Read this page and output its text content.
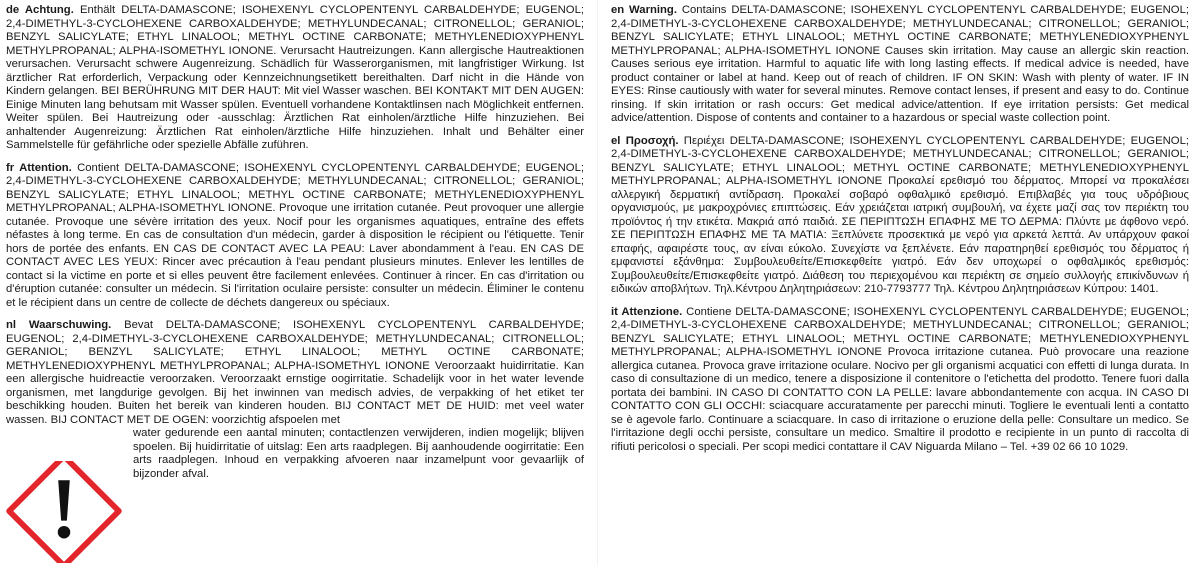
de Achtung. Enthält DELTA-DAMASCONE; ISOHEXENYL CYCLOPENTENYL CARBALDEHYDE; EUGENOL; 2,4-DIMETHYL-3-CYCLOHEXENE CARBOXALDEHYDE; METHYLUNDECANAL; CITRONELLOL; GERANIOL; BENZYL SALICYLATE; ETHYL LINALOOL; METHYL OCTINE CARBONATE; METHYLENEDIOXYPHENYL METHYLPROPANAL; ALPHA-ISOMETHYL IONONE. Verursacht Hautreizungen. Kann allergische Hautreaktionen verursachen. Verursacht schwere Augenreizung. Schädlich für Wasserorganismen, mit langfristiger Wirkung. Ist ärztlicher Rat erforderlich, Verpackung oder Kennzeichnungsetikett bereithalten. Darf nicht in die Hände von Kindern gelangen. BEI BERÜHRUNG MIT DER HAUT: Mit viel Wasser waschen. BEI KONTAKT MIT DEN AUGEN: Einige Minuten lang behutsam mit Wasser spülen. Eventuell vorhandene Kontaktlinsen nach Möglichkeit entfernen. Weiter spülen. Bei Hautreizung oder -ausschlag: Ärztlichen Rat einholen/ärztliche Hilfe hinzuziehen. Bei anhaltender Augenreizung: Ärztlichen Rat einholen/ärztliche Hilfe hinzuziehen. Inhalt und Behälter einer Sammelstelle für gefährliche oder spezielle Abfälle zuführen.

fr Attention. Contient DELTA-DAMASCONE; ISOHEXENYL CYCLOPENTENYL CARBALDEHYDE; EUGENOL; 2,4-DIMETHYL-3-CYCLOHEXENE CARBOXALDEHYDE; METHYLUNDECANAL; CITRONELLOL; GERANIOL; BENZYL SALICYLATE; ETHYL LINALOOL; METHYL OCTINE CARBONATE; METHYLENEDIOXYPHENYL METHYLPROPANAL; ALPHA-ISOMETHYL IONONE. Provoque une irritation cutanée. Peut provoquer une allergie cutanée. Provoque une sévère irritation des yeux. Nocif pour les organismes aquatiques, entraîne des effets néfastes à long terme. En cas de consultation d'un médecin, garder à disposition le récipient ou l'étiquette. Tenir hors de portée des enfants. EN CAS DE CONTACT AVEC LA PEAU: Laver abondamment à l'eau. EN CAS DE CONTACT AVEC LES YEUX: Rincer avec précaution à l'eau pendant plusieurs minutes. Enlever les lentilles de contact si la victime en porte et si elles peuvent être facilement enlevées. Continuer à rincer. En cas d'irritation ou d'éruption cutanée: consulter un médecin. Si l'irritation oculaire persiste: consulter un médecin. Éliminer le contenu et le récipient dans un centre de collecte de déchets dangereux ou spéciaux.

nl Waarschuwing. Bevat DELTA-DAMASCONE; ISOHEXENYL CYCLOPENTENYL CARBALDEHYDE; EUGENOL; 2,4-DIMETHYL-3-CYCLOHEXENE CARBOXALDEHYDE; METHYLUNDECANAL; CITRONELLOL; GERANIOL; BENZYL SALICYLATE; ETHYL LINALOOL; METHYL OCTINE CARBONATE; METHYLENEDIOXYPHENYL METHYLPROPANAL; ALPHA-ISOMETHYL IONONE Veroorzaakt huidirritatie. Kan een allergische huidreactie veroorzaken. Veroorzaakt ernstige oogirritatie. Schadelijk voor in het water levende organismen, met langdurige gevolgen. Bij het inwinnen van medisch advies, de verpakking of het etiket ter beschikking houden. Buiten het bereik van kinderen houden. BIJ CONTACT MET DE HUID: met veel water wassen. BIJ CONTACT MET DE OGEN: voorzichtig afspoelen met

water gedurende een aantal minuten; contactlenzen verwijderen, indien mogelijk; blijven spoelen. Bij huidirritatie of uitslag: Een arts raadplegen. Bij aanhoudende oogirritatie: Een arts raadplegen. Inhoud en verpakking afvoeren naar inzamelpunt voor gevaarlijk of bijzonder afval.

en Warning. Contains DELTA-DAMASCONE; ISOHEXENYL CYCLOPENTENYL CARBALDEHYDE; EUGENOL; 2,4-DIMETHYL-3-CYCLOHEXENE CARBOXALDEHYDE; METHYLUNDECANAL; CITRONELLOL; GERANIOL; BENZYL SALICYLATE; ETHYL LINALOOL; METHYL OCTINE CARBONATE; METHYLENEDIOXYPHENYL METHYLPROPANAL; ALPHA-ISOMETHYL IONONE Causes skin irritation. May cause an allergic skin reaction. Causes serious eye irritation. Harmful to aquatic life with long lasting effects. If medical advice is needed, have product container or label at hand. Keep out of reach of children. IF ON SKIN: Wash with plenty of water. IF IN EYES: Rinse cautiously with water for several minutes. Remove contact lenses, if present and easy to do. Continue rinsing. If skin irritation or rash occurs: Get medical advice/attention. If eye irritation persists: Get medical advice/attention. Dispose of contents and container to a hazardous or special waste collection point.

el Προσοχή. Περιέχει DELTA-DAMASCONE; ISOHEXENYL CYCLOPENTENYL CARBALDEHYDE; EUGENOL; 2,4-DIMETHYL-3-CYCLOHEXENE CARBOXALDEHYDE; METHYLUNDECANAL; CITRONELLOL; GERANIOL; BENZYL SALICYLATE; ETHYL LINALOOL; METHYL OCTINE CARBONATE; METHYLENEDIOXYPHENYL METHYLPROPANAL; ALPHA-ISOMETHYL IONONE Προκαλεί ερεθισμό του δέρματος. Μπορεί να προκαλέσει αλλεργική δερματική αντίδραση. Προκαλεί σοβαρό οφθαλμικό ερεθισμό. Επιβλαβές για τους υδρόβιους οργανισμούς, με μακροχρόνιες επιπτώσεις. Εάν χρειάζεται ιατρική συμβουλή, να έχετε μαζί σας τον περιέκτη του προϊόντος ή την ετικέτα. Μακριά από παιδιά. ΣΕ ΠΕΡΙΠΤΩΣΗ ΕΠΑΦΗΣ ΜΕ ΤΟ ΔΕΡΜΑ: Πλύντε με άφθονο νερό. ΣΕ ΠΕΡΙΠΤΩΣΗ ΕΠΑΦΗΣ ΜΕ ΤΑ ΜΑΤΙΑ: Ξεπλύνετε προσεκτικά με νερό για αρκετά λεπτά. Αν υπάρχουν φακοί επαφής, αφαιρέστε τους, αν είναι εύκολο. Συνεχίστε να ξεπλένετε. Εάν παρατηρηθεί ερεθισμός του δέρματος ή εμφανιστεί εξάνθημα: Συμβουλευθείτε/Επισκεφθείτε γιατρό. Εάν δεν υποχωρεί ο οφθαλμικός ερεθισμός: Συμβουλευθείτε/Επισκεφθείτε γιατρό. Διάθεση του περιεχομένου και περιέκτη σε σημείο συλλογής επικίνδυνων ή ειδικών αποβλήτων. Τηλ.Κέντρου Δηλητηριάσεων: 210-7793777 Τηλ. Κέντρου Δηλητηριάσεων Κύπρου: 1401.

it Attenzione. Contiene DELTA-DAMASCONE; ISOHEXENYL CYCLOPENTENYL CARBALDEHYDE; EUGENOL; 2,4-DIMETHYL-3-CYCLOHEXENE CARBOXALDEHYDE; METHYLUNDECANAL; CITRONELLOL; GERANIOL; BENZYL SALICYLATE; ETHYL LINALOOL; METHYL OCTINE CARBONATE; METHYLENEDIOXYPHENYL METHYLPROPANAL; ALPHA-ISOMETHYL IONONE Provoca irritazione cutanea. Può provocare una reazione allergica cutanea. Provoca grave irritazione oculare. Nocivo per gli organismi acquatici con effetti di lunga durata. In caso di consultazione di un medico, tenere a disposizione il contenitore o l'etichetta del prodotto. Tenere fuori dalla portata dei bambini. IN CASO DI CONTATTO CON LA PELLE: lavare abbondantemente con acqua. IN CASO DI CONTATTO CON GLI OCCHI: sciacquare accuratamente per parecchi minuti. Togliere le eventuali lenti a contatto se è agevole farlo. Continuare a sciacquare. In caso di irritazione o eruzione della pelle: Consultare un medico. Se l'irritazione degli occhi persiste, consultare un medico. Smaltire il prodotto e recipiente in un punto di raccolta di rifiuti pericolosi o speciali. Per scopi medici contattare il CAV Niguarda Milano – Tel. +39 02 66 10 1029.
